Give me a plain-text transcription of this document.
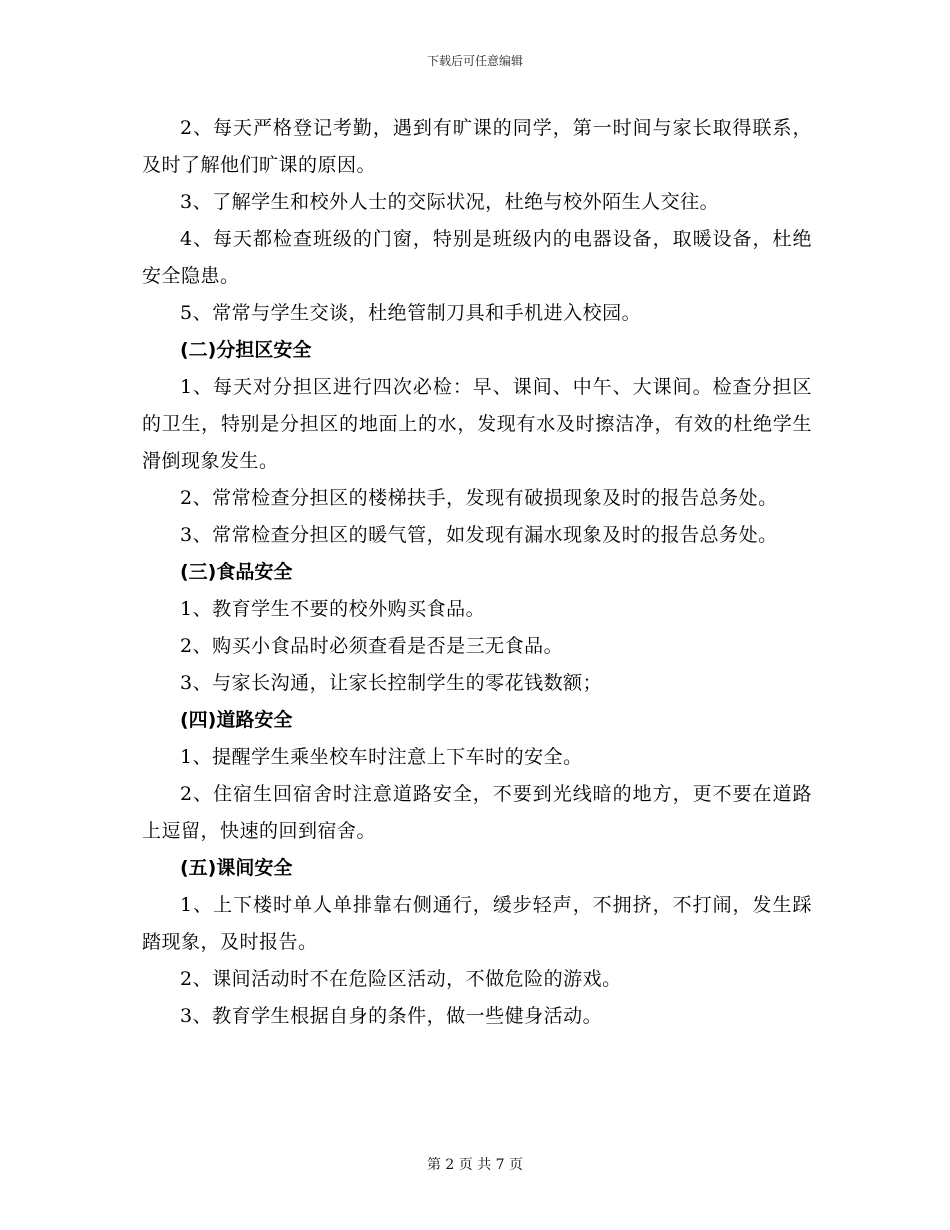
下载后可任意编辑

2、每天严格登记考勤，遇到有旷课的同学，第一时间与家长取得联系，及时了解他们旷课的原因。

3、了解学生和校外人士的交际状况，杜绝与校外陌生人交往。

4、每天都检查班级的门窗，特别是班级内的电器设备，取暖设备，杜绝安全隐患。

5、常常与学生交谈，杜绝管制刀具和手机进入校园。

(二)分担区安全

1、每天对分担区进行四次必检：早、课间、中午、大课间。检查分担区的卫生，特别是分担区的地面上的水，发现有水及时擦洁净，有效的杜绝学生滑倒现象发生。

2、常常检查分担区的楼梯扶手，发现有破损现象及时的报告总务处。

3、常常检查分担区的暖气管，如发现有漏水现象及时的报告总务处。

(三)食品安全

1、教育学生不要的校外购买食品。

2、购买小食品时必须查看是否是三无食品。

3、与家长沟通，让家长控制学生的零花钱数额；

(四)道路安全

1、提醒学生乘坐校车时注意上下车时的安全。

2、住宿生回宿舍时注意道路安全，不要到光线暗的地方，更不要在道路上逗留，快速的回到宿舍。

(五)课间安全

1、上下楼时单人单排靠右侧通行，缓步轻声，不拥挤，不打闹，发生踩踏现象，及时报告。

2、课间活动时不在危险区活动，不做危险的游戏。

3、教育学生根据自身的条件，做一些健身活动。

第 2 页 共 7 页
